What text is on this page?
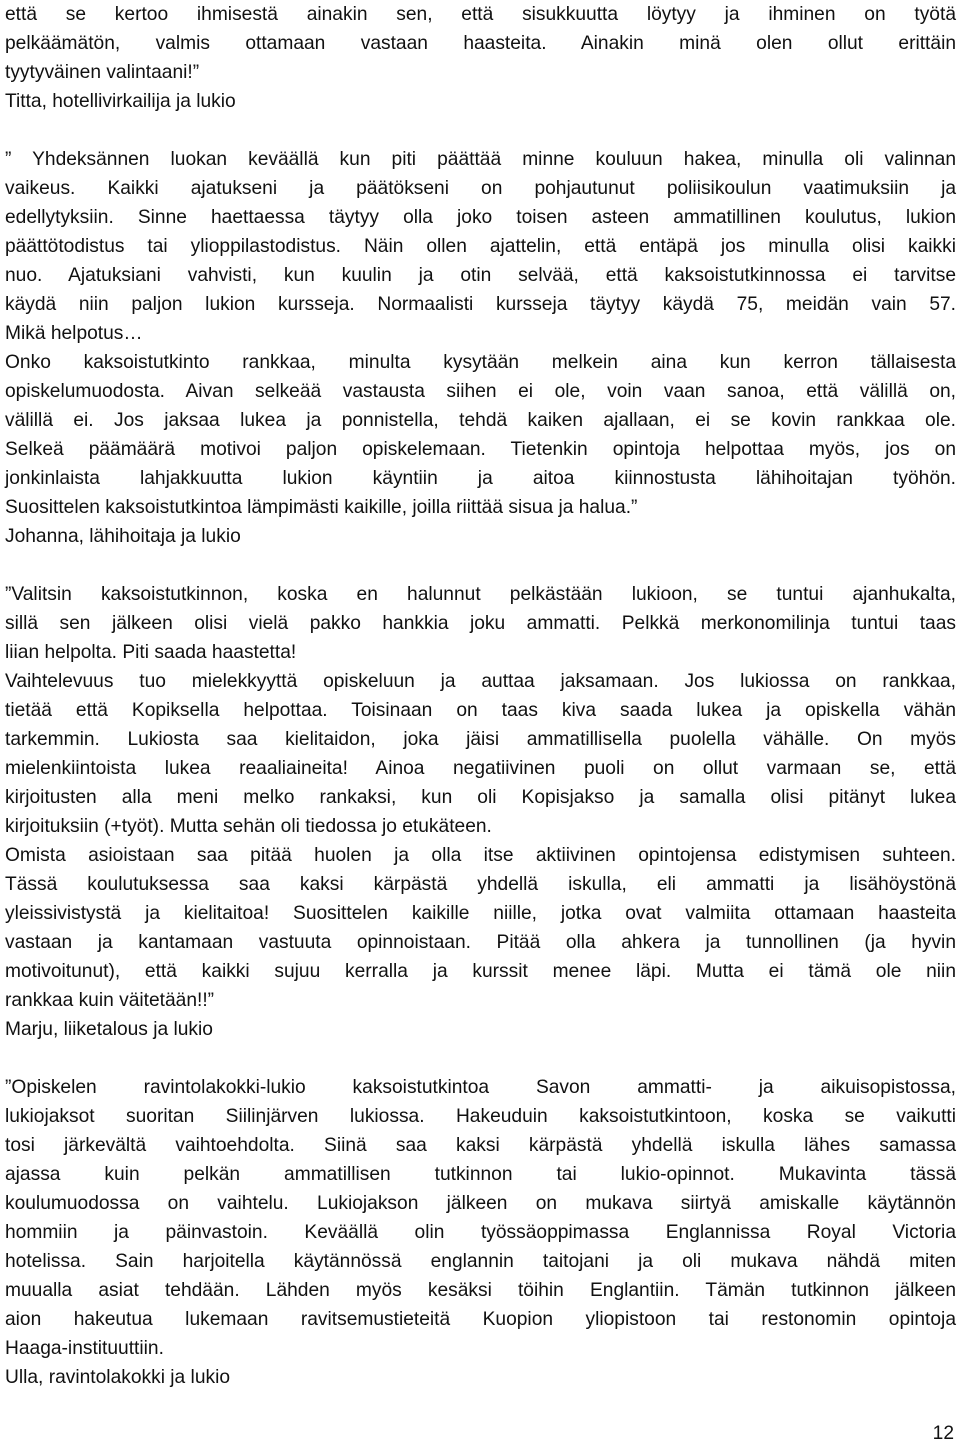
että se kertoo ihmisestä ainakin sen, että sisukkuutta löytyy ja ihminen on työtä
pelkäämätön, valmis ottamaan vastaan haasteita. Ainakin minä olen ollut erittäin
tyytyväinen valintaani!”
Titta, hotellivirkailija ja lukio
” Yhdeksännen luokan keväällä kun piti päättää minne kouluun hakea, minulla oli valinnan
vaikeus. Kaikki ajatukseni ja päätökseni on pohjautunut poliisikoulun vaatimuksiin ja
edellytyksiin. Sinne haettaessa täytyy olla joko toisen asteen ammatillinen koulutus, lukion
päättötodistus tai ylioppilastodistus. Näin ollen ajattelin, että entäpä jos minulla olisi kaikki
nuo. Ajatuksiani vahvisti, kun kuulin ja otin selvää, että kaksoistutkinnossa ei tarvitse
käydä niin paljon lukion kursseja. Normaalisti kursseja täytyy käydä 75, meidän vain 57.
Mikä helpotus…
Onko kaksoistutkinto rankkaa, minulta kysytään melkein aina kun kerron tällaisesta
opiskelumuodosta. Aivan selkeää vastausta siihen ei ole, voin vaan sanoa, että välillä on,
välillä ei. Jos jaksaa lukea ja ponnistella, tehdä kaiken ajallaan, ei se kovin rankkaa ole.
Selkeä päämäärä motivoi paljon opiskelemaan. Tietenkin opintoja helpottaa myös, jos on
jonkinlaista lahjakkuutta lukion käyntiin ja aitoa kiinnostusta lähihoitajan työhön.
Suosittelen kaksoistutkintoa lämpimästi kaikille, joilla riittää sisua ja halua.”
Johanna, lähihoitaja ja lukio
”Valitsin kaksoistutkinnon, koska en halunnut pelkästään lukioon, se tuntui ajanhukalta,
sillä sen jälkeen olisi vielä pakko hankkia joku ammatti. Pelkkä merkonomilinja tuntui taas
liian helpolta. Piti saada haastetta!
Vaihtelevuus tuo mielekkyyttä opiskeluun ja auttaa jaksamaan. Jos lukiossa on rankkaa,
tietää että Kopiksella helpottaa. Toisinaan on taas kiva saada lukea ja opiskella vähän
tarkemmin. Lukiosta saa kielitaidon, joka jäisi ammatillisella puolella vähälle. On myös
mielenkiintoista lukea reaaliaineita! Ainoa negatiivinen puoli on ollut varmaan se, että
kirjoitusten alla meni melko rankaksi, kun oli Kopisjakso ja samalla olisi pitänyt lukea
kirjoituksiin (+työt). Mutta sehän oli tiedossa jo etukäteen.
Omista asioistaan saa pitää huolen ja olla itse aktiivinen opintojensa edistymisen suhteen.
Tässä koulutuksessa saa kaksi kärpästä yhdellä iskulla, eli ammatti ja lisähöystönä
yleissivistystä ja kielitaitoa! Suosittelen kaikille niille, jotka ovat valmiita ottamaan haasteita
vastaan ja kantamaan vastuuta opinnoistaan. Pitää olla ahkera ja tunnollinen (ja hyvin
motivoitunut), että kaikki sujuu kerralla ja kurssit menee läpi. Mutta ei tämä ole niin
rankkaa kuin väitetään!!”
Marju, liiketalous ja lukio
”Opiskelen ravintolakokki-lukio kaksoistutkintoa Savon ammatti- ja aikuisopistossa,
lukiojaksot suoritan Siilinjärven lukiossa. Hakeuduin kaksoistutkintoon, koska se vaikutti
tosi järkevältä vaihtoehdolta. Siinä saa kaksi kärpästä yhdellä iskulla lähes samassa
ajassa kuin pelkän ammatillisen tutkinnon tai lukio-opinnot. Mukavinta tässä
koulumuodossa on vaihtelu. Lukiojakson jälkeen on mukava siirtyä amiskalle käytännön
hommiin ja päinvastoin. Keväällä olin työssäoppimassa Englannissa Royal Victoria
hotelissa. Sain harjoitella käytännössä englannin taitojani ja oli mukava nähdä miten
muualla asiat tehdään. Lähden myös kesäksi töihin Englantiin. Tämän tutkinnon jälkeen
aion hakeutua lukemaan ravitsemustieteitä Kuopion yliopistoon tai restonomin opintoja
Haaga-instituuttiin.
Ulla, ravintolakokki ja lukio
12
